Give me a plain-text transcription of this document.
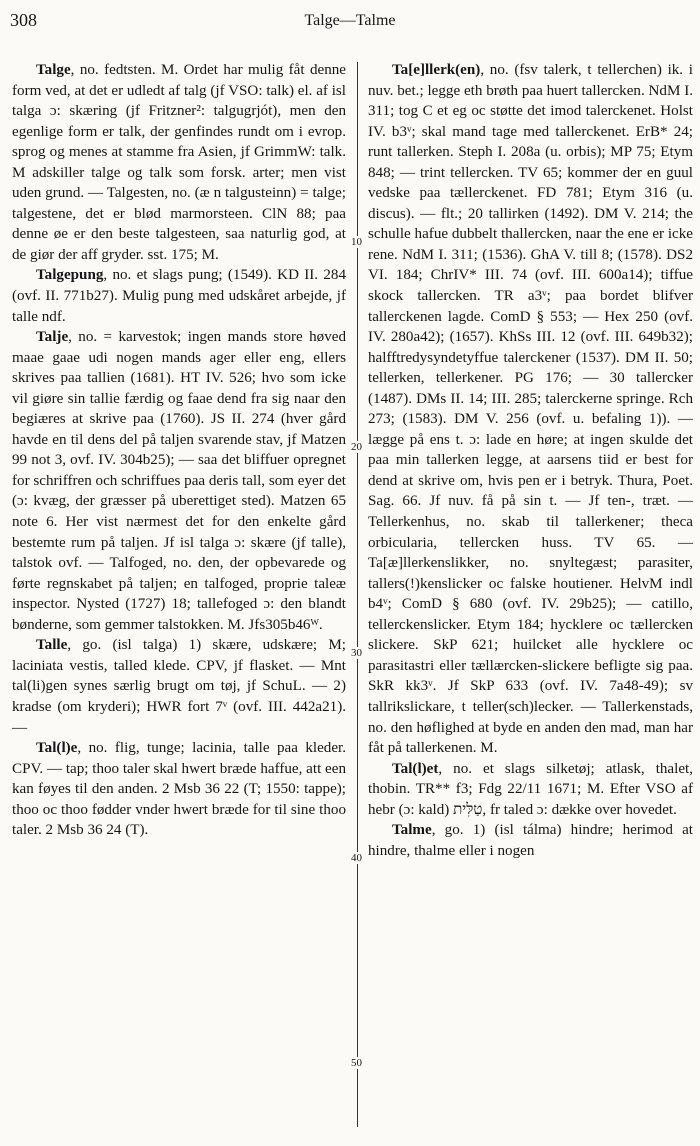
308	Talge—Talme

Talge, no. fedtsten. M. Ordet har mulig fåt denne form ved, at det er udledt af talg (jf VSO: talk) el. af isl talga ɔ: skæring (jf Fritzner²: talgugrjót), men den egenlige form er talk, der genfindes rundt om i evrop. sprog og menes at stamme fra Asien, jf GrimmW: talk. M adskiller talge og talk som forsk. arter; men vist uden grund. — Talgesten, no. (æ n talgusteinn) = talge; talgestene, det er blød marmorsteen. ClN 88; paa denne øe er den beste talgesteen, saa naturlig god, at de giør der aff gryder. sst. 175; M.

Talgepung, no. et slags pung; (1549). KD II. 284 (ovf. II. 771b27). Mulig pung med udskåret arbejde, jf talle ndf.

Talje, no. = karvestok; ingen mands store høved maae gaae udi nogen mands ager eller eng, ellers skrives paa tallien (1681). HT IV. 526; hvo som icke vil giøre sin tallie færdig og faae dend fra sig naar den begiæres at skrive paa (1760). JS II. 274 (hver gård havde en til dens del på taljen svarende stav, jf Matzen 99 not 3, ovf. IV. 304b25); — saa det bliffuer opregnet for schriffren och schriffues paa deris tall, som eyer det (ɔ: kvæg, der græsser på uberettiget sted). Matzen 65 note 6. Her vist nærmest det for den enkelte gård bestemte rum på taljen. Jf isl talga ɔ: skære (jf talle), talstok ovf. — Talfoged, no. den, der opbevarede og førte regnskabet på taljen; en talfoged, proprie taleæ inspector. Nysted (1727) 18; tallefoged ɔ: den blandt bønderne, som gemmer talstokken. M. Jfs305b46ᵂ.

Talle, go. (isl talga) 1) skære, udskære; M; laciniata vestis, talled klede. CPV, jf flasket. — Mnt tal(li)gen synes særlig brugt om tøj, jf SchuL. — 2) kradse (om kryderi); HWR fort 7ᵛ (ovf. III. 442a21). —

Tal(l)e, no. flig, tunge; lacinia, talle paa kleder. CPV. — tap; thoo taler skal hwert bræde haffue, att een kan føyes til den anden. 2 Msb 36 22 (T; 1550: tappe); thoo oc thoo fødder vnder hwert bræde for til sine thoo taler. 2 Msb 36 24 (T).

10
20
30
40
50

Ta[e]llerk(en), no. (fsv talerk, t tellerchen) ik. i nuv. bet.; legge eth brøth paa huert tallercken. NdM I. 311; tog C et eg oc støtte det imod talerckenet. Holst IV. b3ᵛ; skal mand tage med tallerckenet. ErB* 24; runt tallerken. Steph I. 208a (u. orbis); MP 75; Etym 848; — trint tellercken. TV 65; kommer der en guul vedske paa tællerckenet. FD 781; Etym 316 (u. discus). — flt.; 20 tallirken (1492). DM V. 214; the schulle hafue dubbelt thallercken, naar the ene er icke rene. NdM I. 311; (1536). GhA V. till 8; (1578). DS2 VI. 184; ChrIV* III. 74 (ovf. III. 600a14); tiffue skock tallercken. TR a3ᵛ; paa bordet blifver tallerckenen lagde. ComD § 553; — Hex 250 (ovf. IV. 280a42); (1657). KhSs III. 12 (ovf. III. 649b32); halfftredysyndetyffue talerckener (1537). DM II. 50; tellerken, tellerkener. PG 176; — 30 tallercker (1487). DMs II. 14; III. 285; talerckerne springe. Rch 273; (1583). DM V. 256 (ovf. u. befaling 1)). — lægge på ens t. ɔ: lade en høre; at ingen skulde det paa min tallerken legge, at aarsens tiid er best for dend at skrive om, hvis pen er i betryk. Thura, Poet. Sag. 66. Jf nuv. få på sin t. — Jf ten-, træt. — Tellerkenhus, no. skab til tallerkener; theca orbicularia, tellercken huss. TV 65. — Ta[æ]llerkenslikker, no. snyltegæst; parasiter, tallers(!)kenslicker oc falske houtiener. HelvM indl b4ᵛ; ComD § 680 (ovf. IV. 29b25); — catillo, tellerckenslicker. Etym 184; hycklere oc tællercken slickere. SkP 621; huilcket alle hycklere oc parasitastri eller tællærcken-slickere befligte sig paa. SkR kk3ᵛ. Jf SkP 633 (ovf. IV. 7a48-49); sv tallrikslickare, t teller(sch)lecker. — Tallerkenstads, no. den høflighed at byde en anden den mad, man har fåt på tallerkenen. M.

Tal(l)et, no. et slags silketøj; atlask, thalet, thobin. TR** f3; Fdg 22/11 1671; M. Efter VSO af hebr (ɔ: kald) טַלִּית, fr taled ɔ: dække over hovedet.

Talme, go. 1) (isl tálma) hindre; herimod at hindre, thalme eller i nogen
